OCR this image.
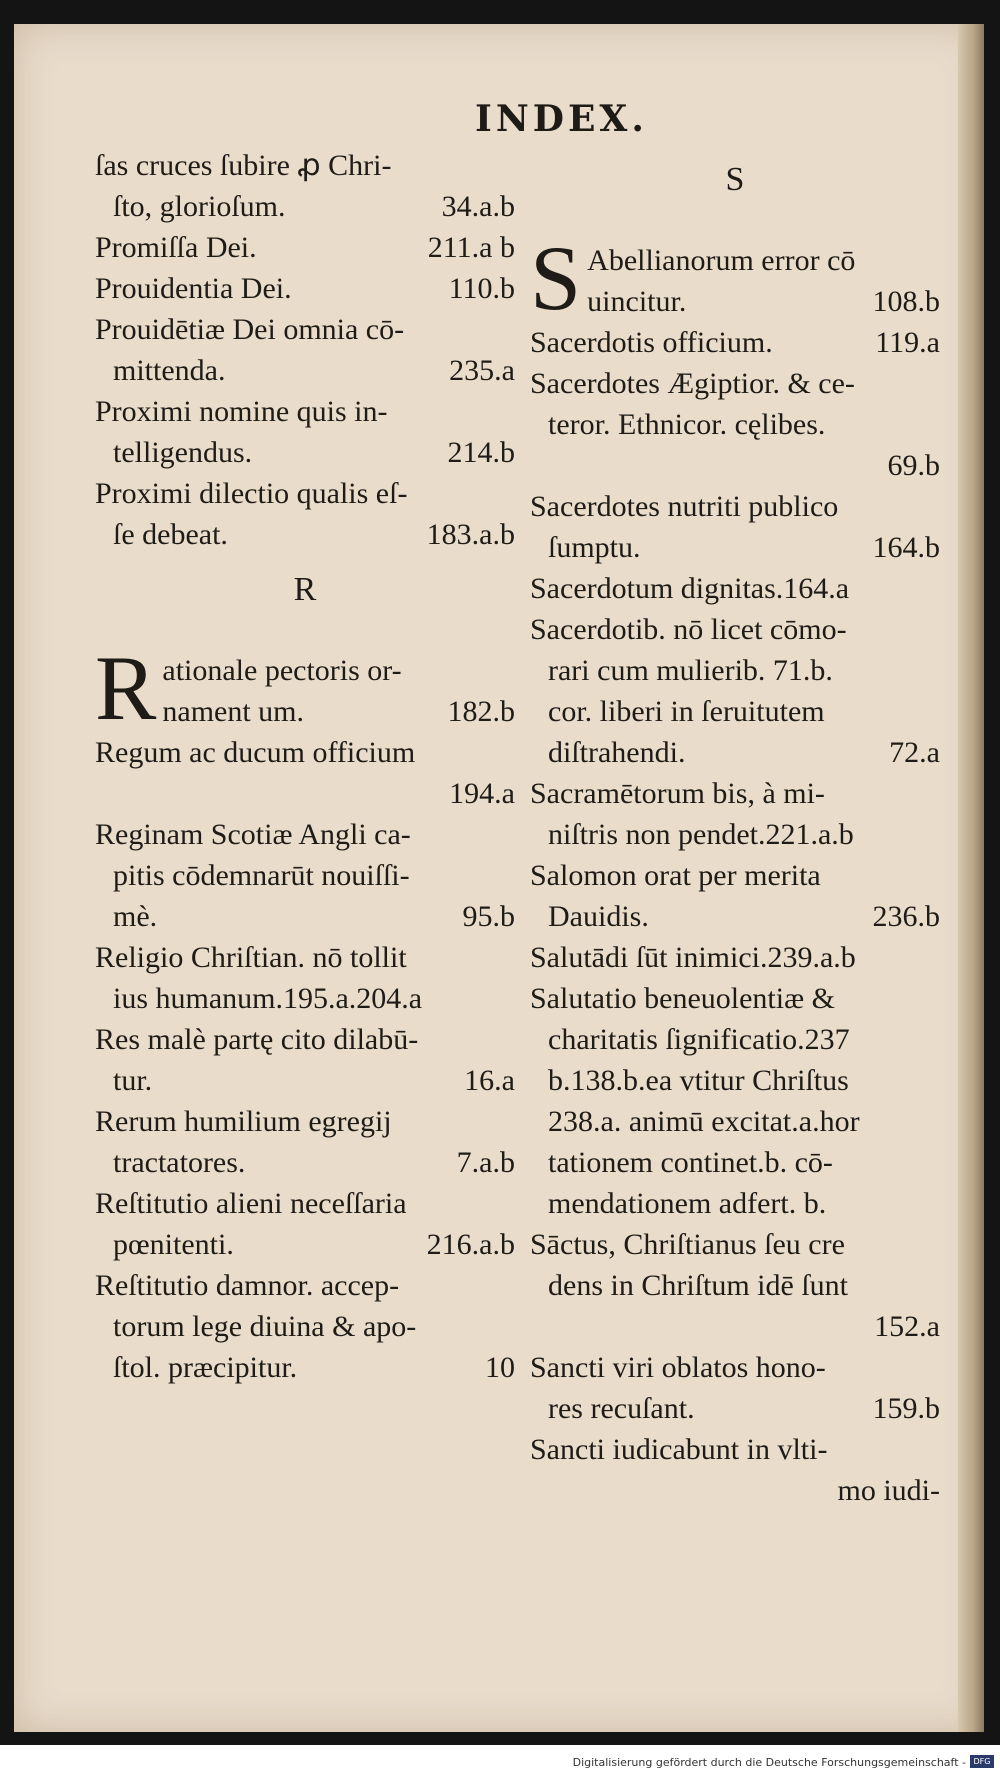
INDEX.
ſas cruces ſubire ꝓ Chri-
ſto, glorioſum.	34.a.b
Promiſſa Dei.	211.a b
Prouidentia Dei.	110.b
Prouidētiæ Dei omnia cō-
mittenda.	235.a
Proximi nomine quis in-
telligendus.	214.b
Proximi dilectio qualis eſ-
ſe debeat.	183.a.b
R
R ationale pectoris or-
nament um.	182.b
Regum ac ducum officium
194.a
Reginam Scotiæ Angli ca-
pitis cōdemnarūt nouiſſi-
mè.	95.b
Religio Chriſtian. nō tollit
ius humanum.195.a.204.a
Res malè partę cito dilabū-
tur.	16.a
Rerum humilium egregij
tractatores.	7.a.b
Reſtitutio alieni neceſſaria
pœnitenti.	216.a.b
Reſtitutio damnor. accep-
torum lege diuina & apo-
ſtol. præcipitur.	10
S
S Abellianorum error cō
uincitur.	108.b
Sacerdotis officium.	119.a
Sacerdotes Ægiptior. & ce-
teror. Ethnicor. cęlibes.
69.b
Sacerdotes nutriti publico
ſumptu.	164.b
Sacerdotum dignitas.164.a
Sacerdotib. nō licet cōmo-
rari cum mulierib. 71.b.
cor. liberi in ſeruitutem
diſtrahendi.	72.a
Sacramētorum bis, à mi-
niſtris non pendet.221.a.b
Salomon orat per merita
Dauidis.	236.b
Salutādi ſūt inimici.239.a.b
Salutatio beneuolentiæ &
charitatis ſignificatio.237
b.138.b.ea vtitur Chriſtus
238.a. animū excitat.a.hor
tationem continet.b. cō-
mendationem adfert. b.
Sāctus, Chriſtianus ſeu cre
dens in Chriſtum idē ſunt
152.a
Sancti viri oblatos hono-
res recuſant.	159.b
Sancti iudicabunt in vlti-
mo iudi-
Digitalisierung gefördert durch die Deutsche Forschungsgemeinschaft - DFG
